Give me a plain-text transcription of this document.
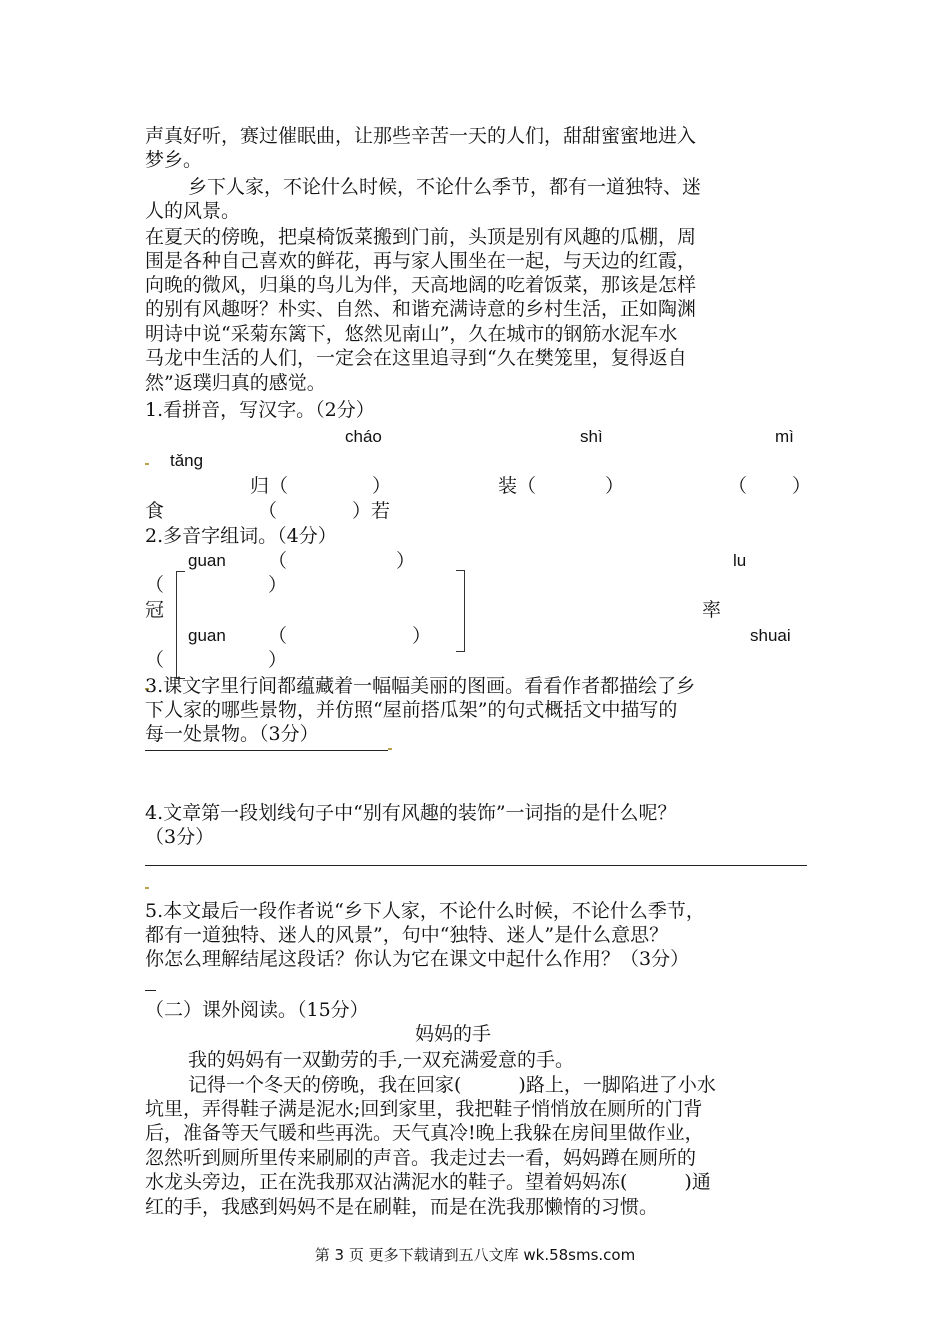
声真好听，赛过催眠曲，让那些辛苦一天的人们，甜甜蜜蜜地进入
梦乡。
乡下人家，不论什么时候，不论什么季节，都有一道独特、迷
人的风景。
在夏天的傍晚，把桌椅饭菜搬到门前，头顶是别有风趣的瓜棚，周
围是各种自己喜欢的鲜花，再与家人围坐在一起，与天边的红霞，
向晚的微风，归巢的鸟儿为伴，天高地阔的吃着饭菜，那该是怎样
的别有风趣呀？朴实、自然、和谐充满诗意的乡村生活，正如陶渊
明诗中说“采菊东篱下，悠然见南山”，久在城市的钢筋水泥车水
马龙中生活的人们，一定会在这里追寻到“久在樊笼里，复得返自
然”返璞归真的感觉。
1.看拼音，写汉字。（2分）
cháo	shì	mì
tǎng
归（	）	装（	）	（ ）
食	（	）若
2.多音字组词。（4分）
guan （	）	lu
（	）
冠	率
guan （	）	shuai
（	）
3.课文字里行间都蕴藏着一幅幅美丽的图画。看看作者都描绘了乡
下人家的哪些景物，并仿照“屋前搭瓜架”的句式概括文中描写的
每一处景物。（3分）
4.文章第一段划线句子中“别有风趣的装饰”一词指的是什么呢？
（3分）
5.本文最后一段作者说“乡下人家，不论什么时候，不论什么季节，
都有一道独特、迷人的风景”，句中“独特、迷人”是什么意思？
你怎么理解结尾这段话？你认为它在课文中起什么作用？（3分）
（二）课外阅读。（15分）
妈妈的手
我的妈妈有一双勤劳的手,一双充满爱意的手。
记得一个冬天的傍晚，我在回家(　　　)路上，一脚陷进了小水
坑里，弄得鞋子满是泥水;回到家里，我把鞋子悄悄放在厕所的门背
后，准备等天气暖和些再洗。天气真冷!晚上我躲在房间里做作业，
忽然听到厕所里传来刷刷的声音。我走过去一看，妈妈蹲在厕所的
水龙头旁边，正在洗我那双沾满泥水的鞋子。望着妈妈冻(　　　)通
红的手，我感到妈妈不是在刷鞋，而是在洗我那懒惰的习惯。
第 3 页 更多下载请到五八文库 wk.58sms.com
